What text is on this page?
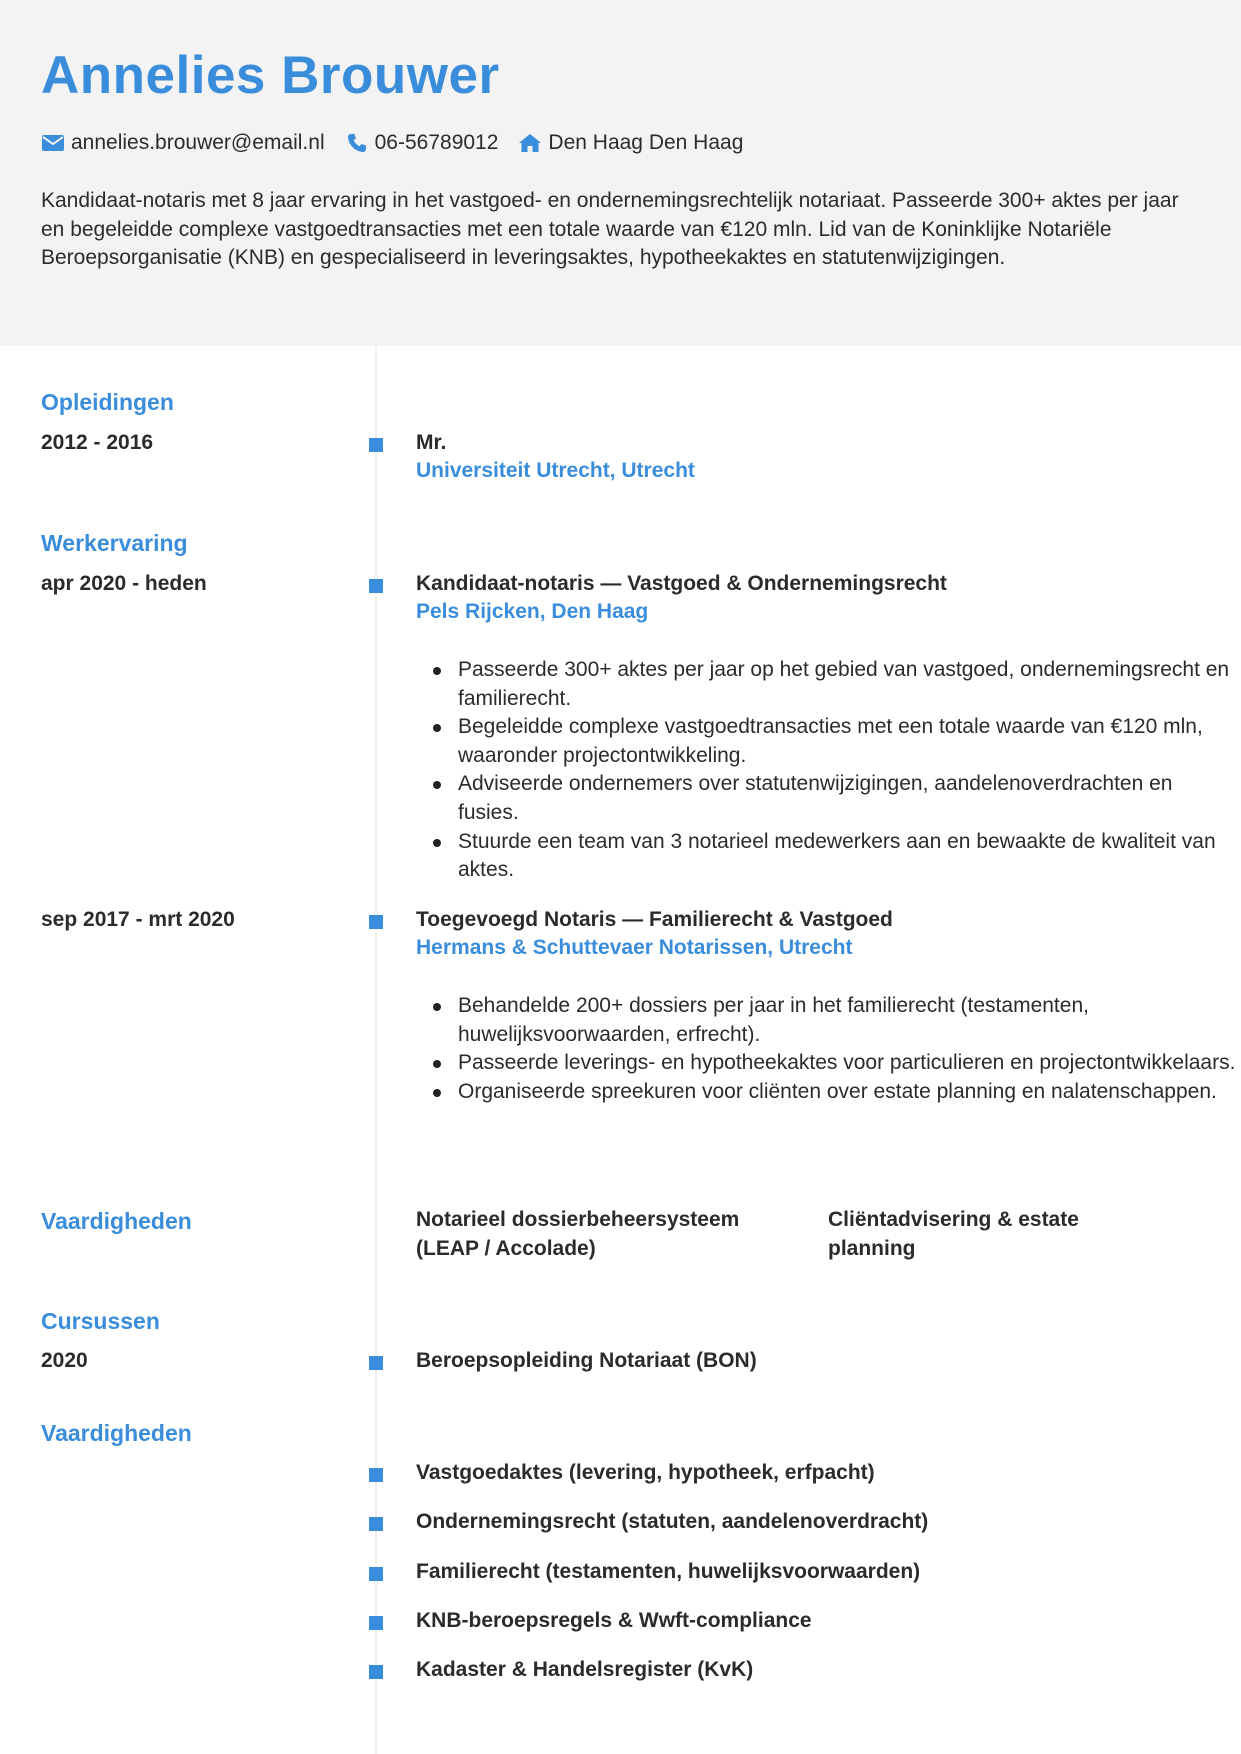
Annelies Brouwer
annelies.brouwer@email.nl 06-56789012 Den Haag Den Haag

Kandidaat-notaris met 8 jaar ervaring in het vastgoed- en ondernemingsrechtelijk notariaat. Passeerde 300+ aktes per jaar en begeleidde complexe vastgoedtransacties met een totale waarde van €120 mln. Lid van de Koninklijke Notariële Beroepsorganisatie (KNB) en gespecialiseerd in leveringsaktes, hypotheekaktes en statutenwijzigingen.

Opleidingen
2012 - 2016	Mr.
Universiteit Utrecht, Utrecht
Werkervaring
apr 2020 - heden	Kandidaat-notaris — Vastgoed & Ondernemingsrecht
Pels Rijcken, Den Haag
Passeerde 300+ aktes per jaar op het gebied van vastgoed, ondernemingsrecht en familierecht.
Begeleidde complexe vastgoedtransacties met een totale waarde van €120 mln, waaronder projectontwikkeling.
Adviseerde ondernemers over statutenwijzigingen, aandelenoverdrachten en fusies.
Stuurde een team van 3 notarieel medewerkers aan en bewaakte de kwaliteit van aktes.
sep 2017 - mrt 2020	Toegevoegd Notaris — Familierecht & Vastgoed
Hermans & Schuttevaer Notarissen, Utrecht
Behandelde 200+ dossiers per jaar in het familierecht (testamenten, huwelijksvoorwaarden, erfrecht).
Passeerde leverings- en hypotheekaktes voor particulieren en projectontwikkelaars.
Organiseerde spreekuren voor cliënten over estate planning en nalatenschappen.
Vaardigheden	Notarieel dossierbeheersysteem (LEAP / Accolade)
Cliëntadvisering & estate planning
Cursussen
2020	Beroepsopleiding Notariaat (BON)
Vaardigheden
Vastgoedaktes (levering, hypotheek, erfpacht)
Ondernemingsrecht (statuten, aandelenoverdracht)
Familierecht (testamenten, huwelijksvoorwaarden)
KNB-beroepsregels & Wwft-compliance
Kadaster & Handelsregister (KvK)
